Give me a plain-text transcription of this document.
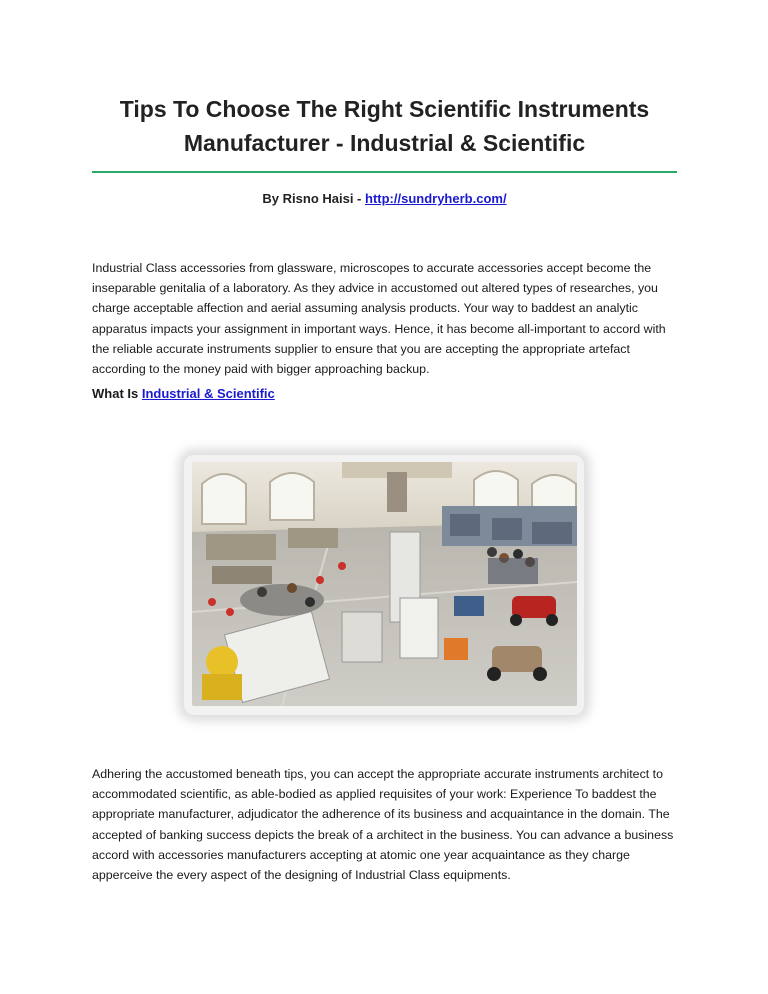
Tips To Choose The Right Scientific Instruments Manufacturer - Industrial & Scientific
By Risno Haisi - http://sundryherb.com/

Industrial Class accessories from glassware, microscopes to accurate accessories accept become the inseparable genitalia of a laboratory. As they advice in accustomed out altered types of researches, you charge acceptable affection and aerial assuming analysis products. Your way to baddest an analytic apparatus impacts your assignment in important ways. Hence, it has become all-important to accord with the reliable accurate instruments supplier to ensure that you are accepting the appropriate artefact according to the money paid with bigger approaching backup.

What Is Industrial & Scientific

Adhering the accustomed beneath tips, you can accept the appropriate accurate instruments architect to accommodated scientific, as able-bodied as applied requisites of your work: Experience To baddest the appropriate manufacturer, adjudicator the adherence of its business and acquaintance in the domain. The accepted of banking success depicts the break of a architect in the business. You can advance a business accord with accessories manufacturers accepting at atomic one year acquaintance as they charge apperceive the every aspect of the designing of Industrial Class equipments.
